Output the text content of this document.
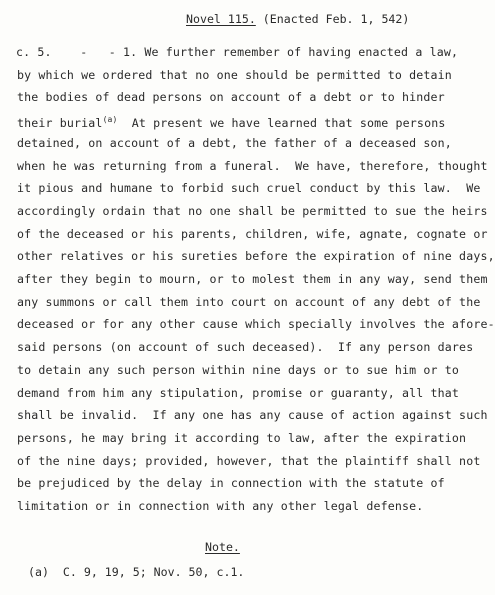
Novel 115. (Enacted Feb. 1, 542)
c. 5. -   - 1. We further remember of having enacted a law,
by which we ordered that no one should be permitted to detain
the bodies of dead persons on account of a debt or to hinder
their burial$^{(a)}$ At present we have learned that some persons
detained, on account of a debt, the father of a deceased son,
when he was returning from a funeral.  We have, therefore, thought
it pious and humane to forbid such cruel conduct by this law.  We
accordingly ordain that no one shall be permitted to sue the heirs
of the deceased or his parents, children, wife, agnate, cognate or
other relatives or his sureties before the expiration of nine days,
after they begin to mourn, or to molest them in any way, send them
any summons or call them into court on account of any debt of the
deceased or for any other cause which specially involves the afore-
said persons (on account of such deceased).  If any person dares
to detain any such person within nine days or to sue him or to
demand from him any stipulation, promise or guaranty, all that
shall be invalid.  If any one has any cause of action against such
persons, he may bring it according to law, after the expiration
of the nine days; provided, however, that the plaintiff shall not
be prejudiced by the delay in connection with the statute of
Note.
(a) C. 9, 19, 5; Nov. 50, c.1.
limitation or in connection with any other legal defense.
